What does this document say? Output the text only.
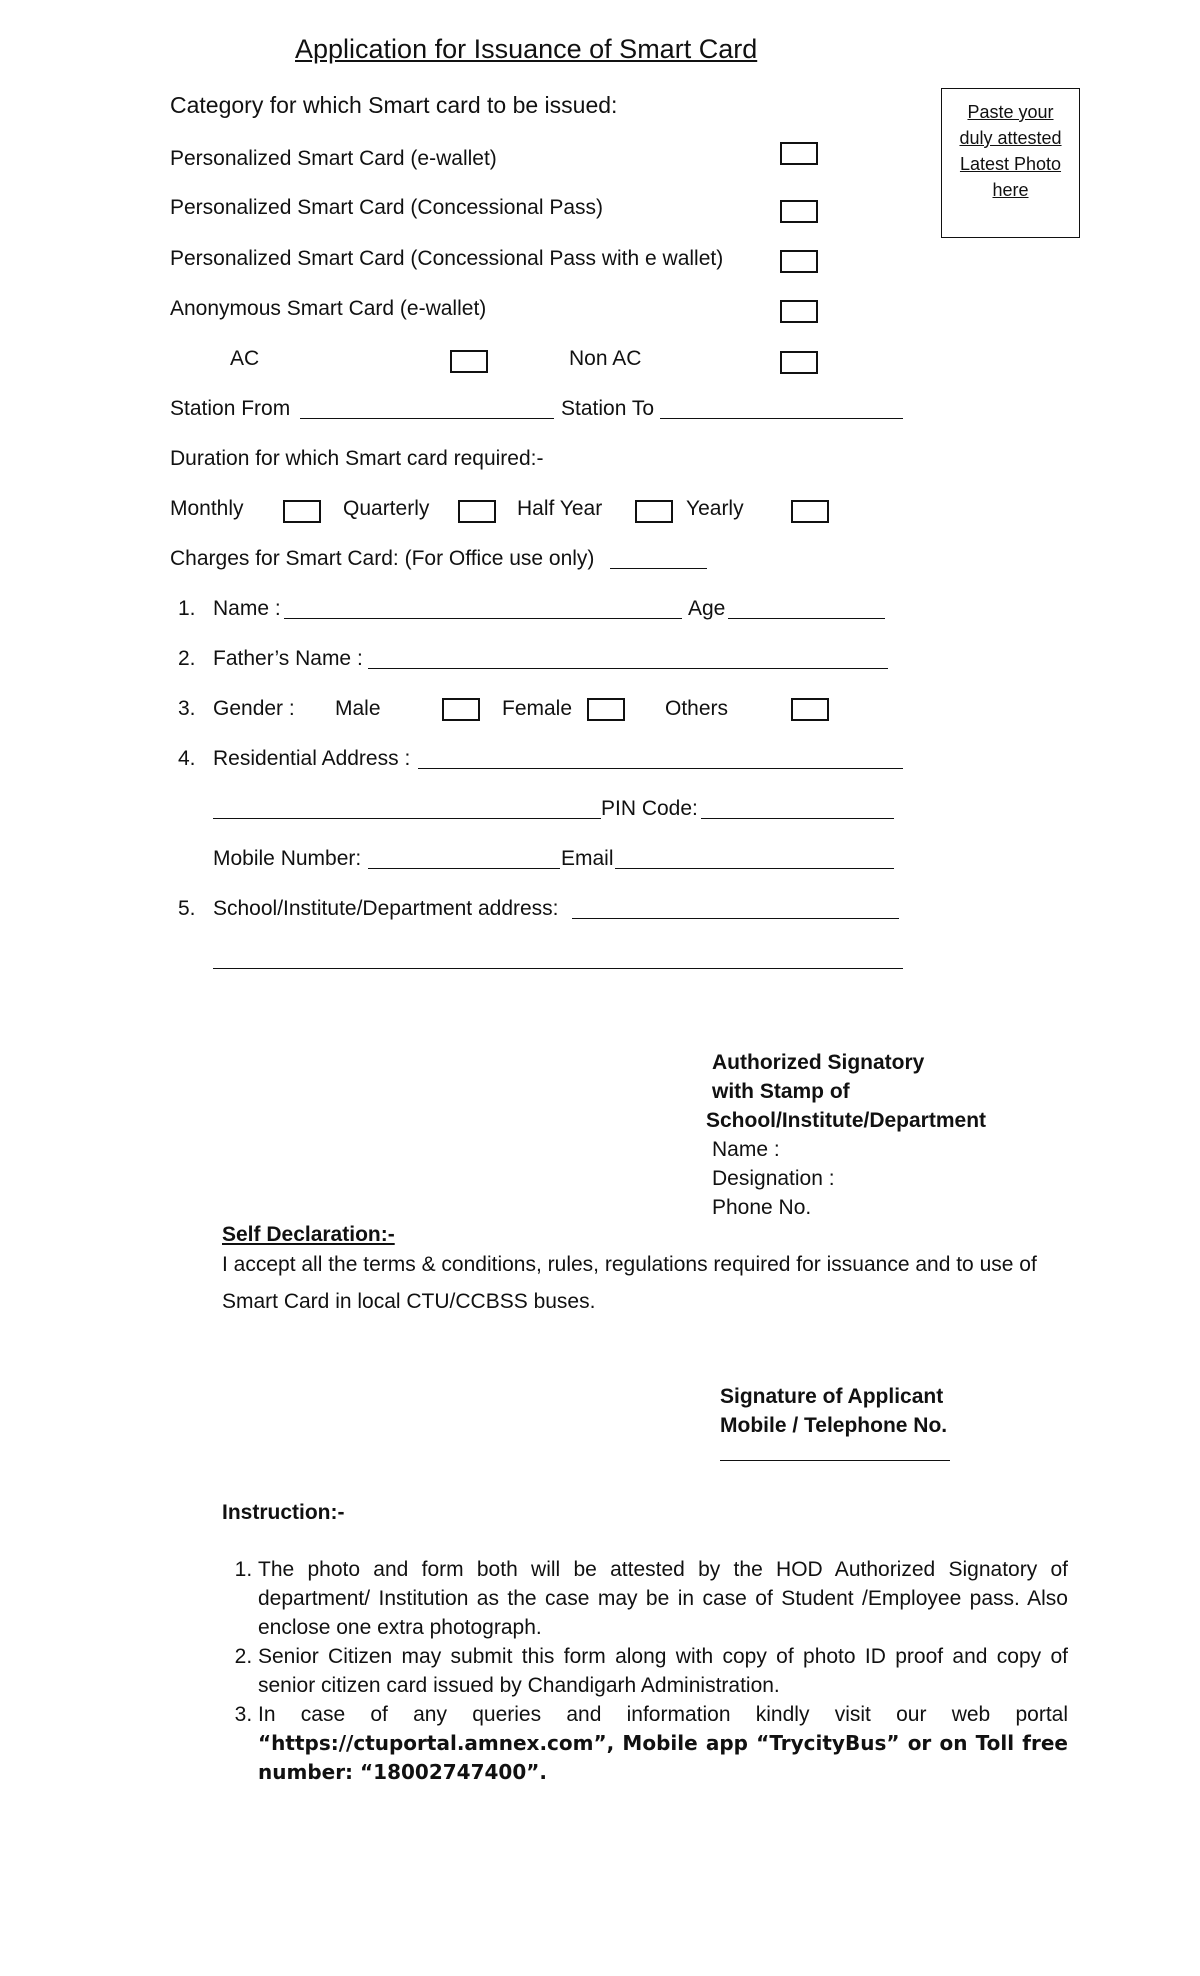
Application for Issuance of Smart Card
Category for which Smart card to be issued:	Paste your
duly attested
Latest Photo
here
Personalized Smart Card (e-wallet)
Personalized Smart Card (Concessional Pass)
Personalized Smart Card (Concessional Pass with e wallet)
Anonymous Smart Card (e-wallet)
AC	Non AC
Station From	Station To
Duration for which Smart card required:-
Monthly	Quarterly	Half Year	Yearly
Charges for Smart Card: (For Office use only)
1. Name :	Age
2. Father’s Name :
3. Gender : Male	Female	Others
4. Residential Address :
PIN Code:
Mobile Number:	Email
5. School/Institute/Department address:
Authorized Signatory
with Stamp of
School/Institute/Department
Name :
Designation :
Phone No.
Self Declaration:-
I accept all the terms & conditions, rules, regulations required for issuance and to use of
Smart Card in local CTU/CCBSS buses.
Signature of Applicant
Mobile / Telephone No.
Instruction:-
1. The photo and form both will be attested by the HOD Authorized Signatory of department/ Institution as the case may be in case of Student /Employee pass. Also enclose one extra photograph.
2. Senior Citizen may submit this form along with copy of photo ID proof and copy of senior citizen card issued by Chandigarh Administration.
3. In case of any queries and information kindly visit our web portal “https://ctuportal.amnex.com”, Mobile app “TrycityBus” or on Toll free number: “18002747400”.
